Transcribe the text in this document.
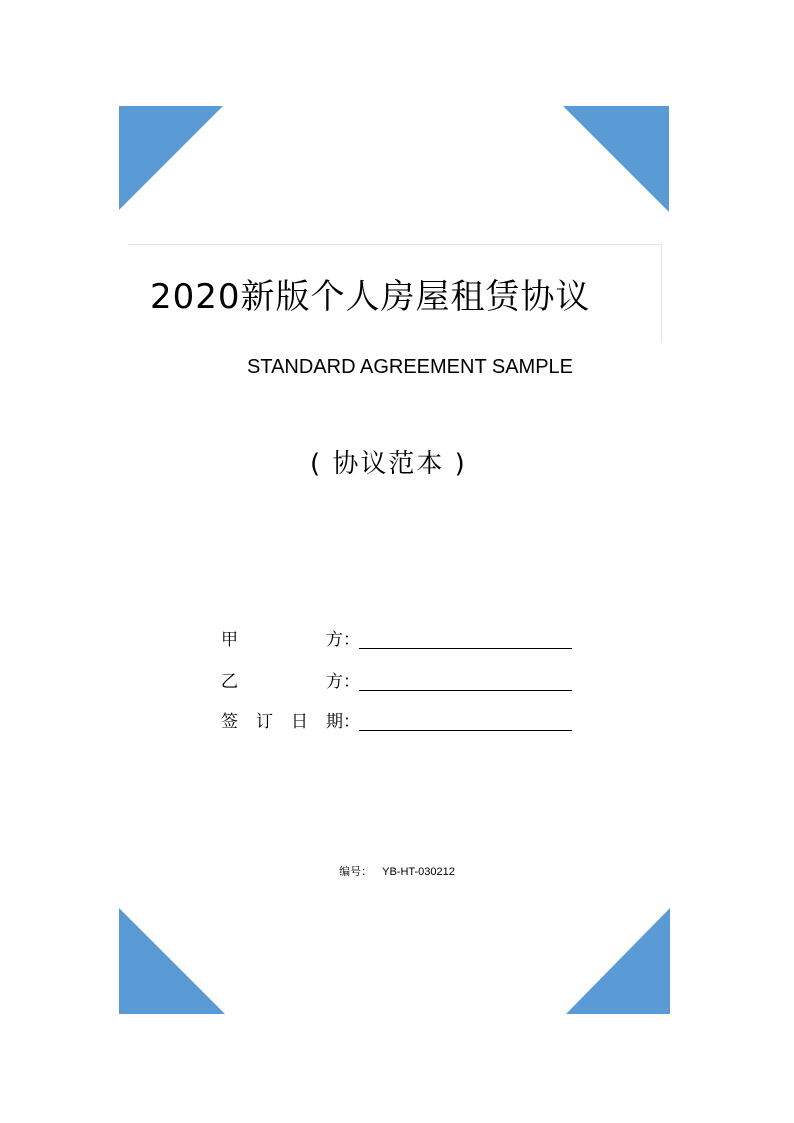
2020新版个人房屋租赁协议
STANDARD AGREEMENT SAMPLE
( 协议范本 )
甲	方 ：
乙	方 ：
签 订 日 期 ：
编号： YB-HT-030212
